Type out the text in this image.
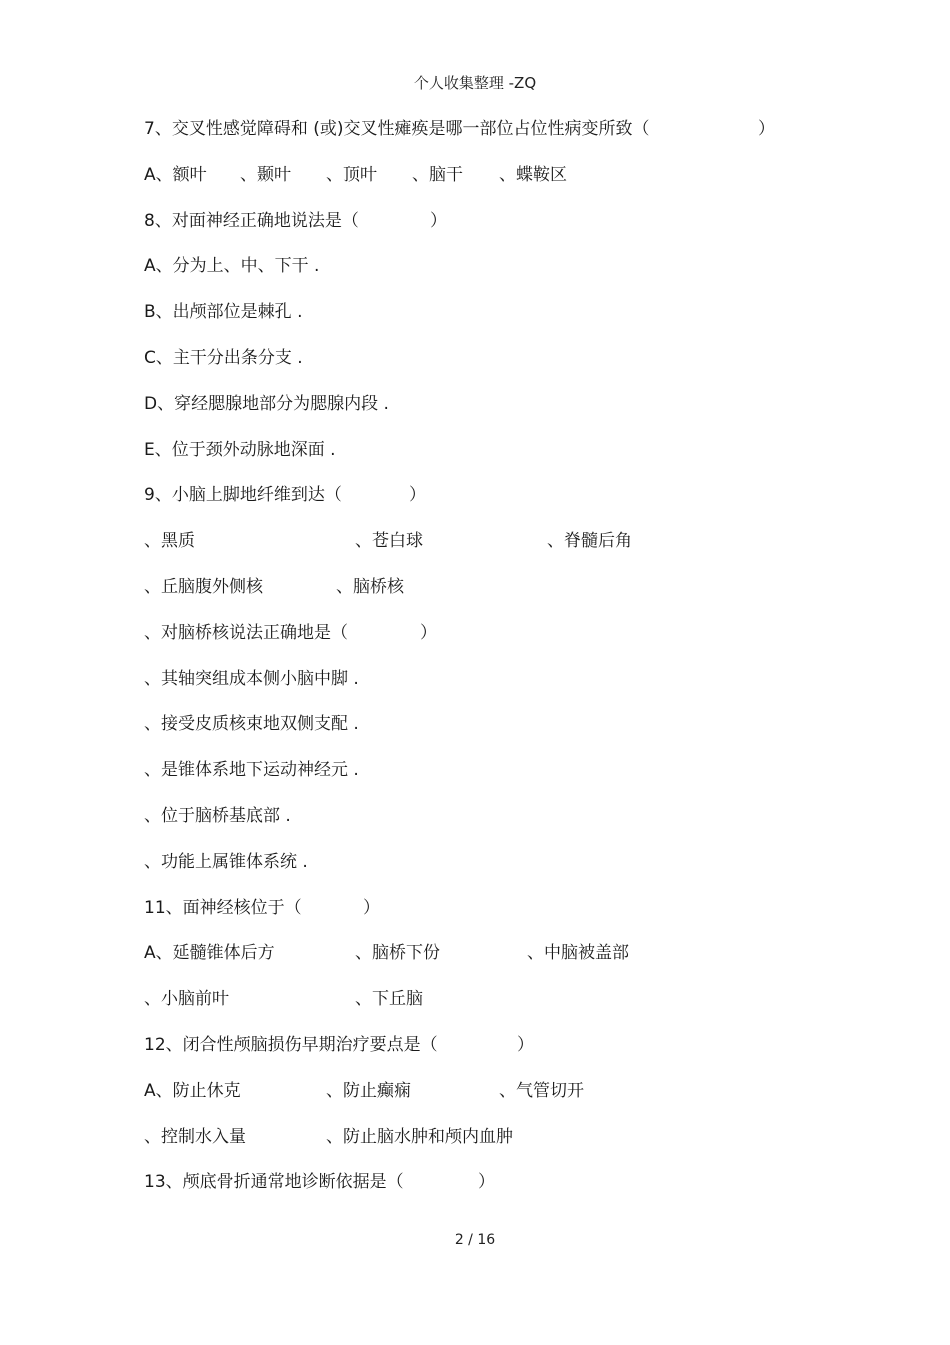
个人收集整理 -ZQ
7、交叉性感觉障碍和 (或)交叉性瘫痪是哪一部位占位性病变所致（	）
A、额叶 、颞叶 、顶叶 、脑干 、蝶鞍区
8、对面神经正确地说法是（	）
A、分为上、中、下干 .
B、出颅部位是棘孔 .
C、主干分出条分支 .
D、穿经腮腺地部分为腮腺内段 .
E、位于颈外动脉地深面 .
9、小脑上脚地纤维到达（	）
、黑质	、苍白球	、脊髓后角
、丘脑腹外侧核	、脑桥核
、对脑桥核说法正确地是（	）
、其轴突组成本侧小脑中脚 .
、接受皮质核束地双侧支配 .
、是锥体系地下运动神经元 .
、位于脑桥基底部 .
、功能上属锥体系统 .
11、面神经核位于（	）
A、延髓锥体后方	、脑桥下份	、中脑被盖部
、小脑前叶	、下丘脑
12、闭合性颅脑损伤早期治疗要点是（	）
A、防止休克	、防止癫痫	、气管切开
、控制水入量	、防止脑水肿和颅内血肿
13、颅底骨折通常地诊断依据是（	）
2 / 16
